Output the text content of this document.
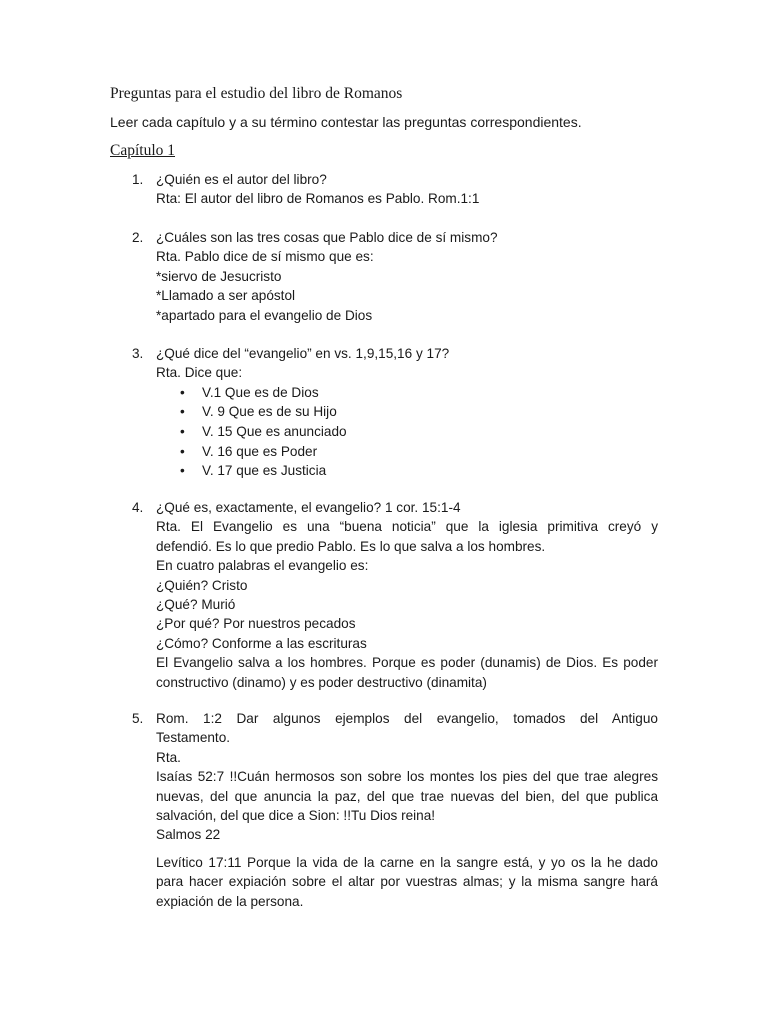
Preguntas para el estudio del libro de Romanos
Leer cada capítulo y a su término contestar las preguntas correspondientes.
Capítulo 1
1. ¿Quién es el autor del libro?
Rta: El autor del libro de Romanos es Pablo. Rom.1:1
2. ¿Cuáles son las tres cosas que Pablo dice de sí mismo?
Rta. Pablo dice de sí mismo que es:
*siervo de Jesucristo
*Llamado a ser apóstol
*apartado para el evangelio de Dios
3. ¿Qué dice del “evangelio” en vs. 1,9,15,16 y 17?
Rta. Dice que:
• V.1 Que es de Dios
• V. 9 Que es de su Hijo
• V. 15 Que es anunciado
• V. 16 que es Poder
• V. 17 que es Justicia
4. ¿Qué es, exactamente, el evangelio? 1 cor. 15:1-4
Rta. El Evangelio es una “buena noticia” que la iglesia primitiva creyó y
defendió. Es lo que predio Pablo. Es lo que salva a los hombres.
En cuatro palabras el evangelio es:
¿Quién? Cristo
¿Qué? Murió
¿Por qué? Por nuestros pecados
¿Cómo? Conforme a las escrituras
El Evangelio salva a los hombres. Porque es poder (dunamis) de Dios. Es poder
constructivo (dinamo) y es poder destructivo (dinamita)
5. Rom. 1:2 Dar algunos ejemplos del evangelio, tomados del Antiguo
Testamento.
Rta.
Isaías 52:7 !!Cuán hermosos son sobre los montes los pies del que trae alegres
nuevas, del que anuncia la paz, del que trae nuevas del bien, del que publica
salvación, del que dice a Sion: !!Tu Dios reina!
Salmos 22
Levítico 17:11 Porque la vida de la carne en la sangre está, y yo os la he dado
para hacer expiación sobre el altar por vuestras almas; y la misma sangre hará
expiación de la persona.
